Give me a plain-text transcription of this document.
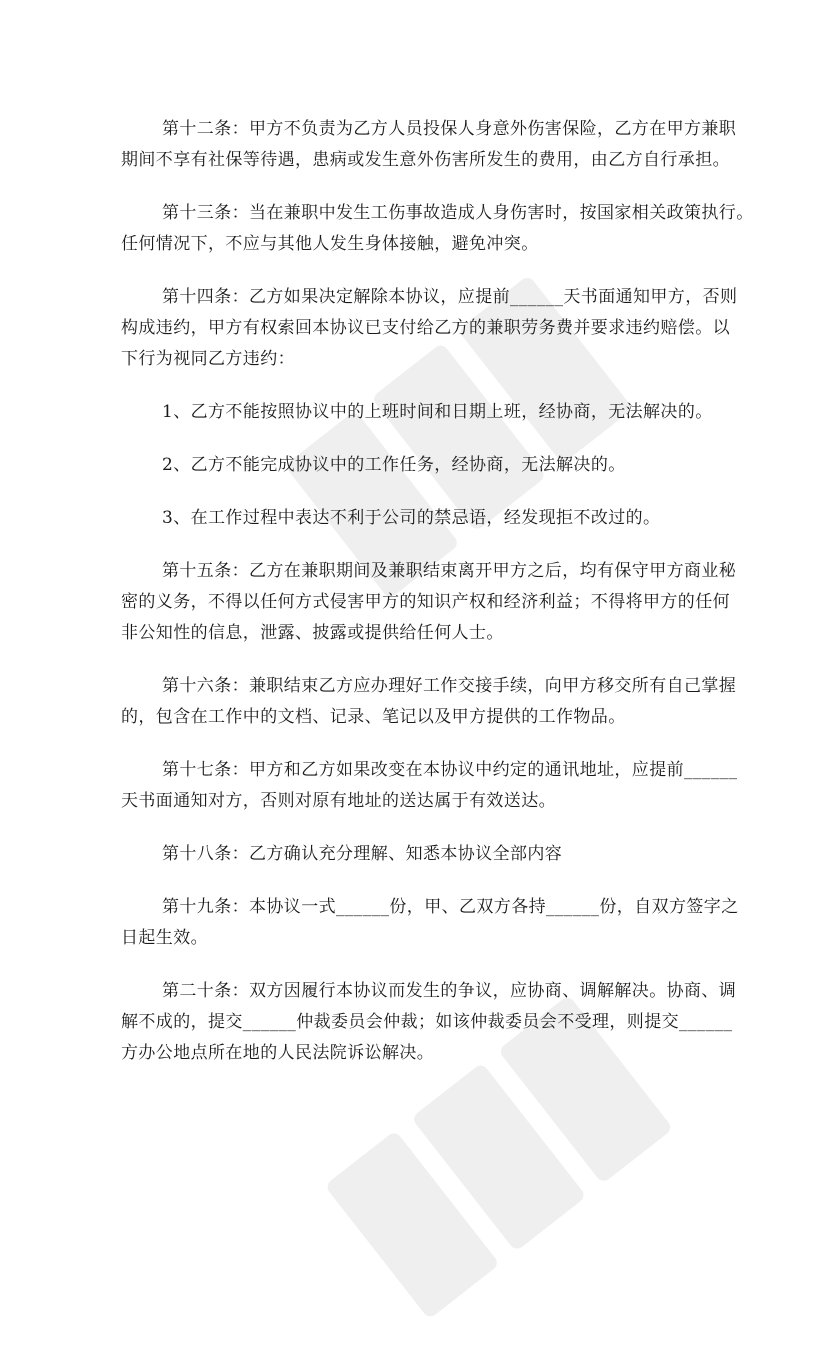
第十二条：甲方不负责为乙方人员投保人身意外伤害保险，乙方在甲方兼职
期间不享有社保等待遇，患病或发生意外伤害所发生的费用，由乙方自行承担。
第十三条：当在兼职中发生工伤事故造成人身伤害时，按国家相关政策执行。
任何情况下，不应与其他人发生身体接触，避免冲突。
第十四条：乙方如果决定解除本协议，应提前______天书面通知甲方，否则
构成违约，甲方有权索回本协议已支付给乙方的兼职劳务费并要求违约赔偿。以
下行为视同乙方违约：
1、乙方不能按照协议中的上班时间和日期上班，经协商，无法解决的。
2、乙方不能完成协议中的工作任务，经协商，无法解决的。
3、在工作过程中表达不利于公司的禁忌语，经发现拒不改过的。
第十五条：乙方在兼职期间及兼职结束离开甲方之后，均有保守甲方商业秘
密的义务，不得以任何方式侵害甲方的知识产权和经济利益；不得将甲方的任何
非公知性的信息，泄露、披露或提供给任何人士。
第十六条：兼职结束乙方应办理好工作交接手续，向甲方移交所有自己掌握
的，包含在工作中的文档、记录、笔记以及甲方提供的工作物品。
第十七条：甲方和乙方如果改变在本协议中约定的通讯地址，应提前______
天书面通知对方，否则对原有地址的送达属于有效送达。
第十八条：乙方确认充分理解、知悉本协议全部内容
第十九条：本协议一式______份，甲、乙双方各持______份，自双方签字之
日起生效。
第二十条：双方因履行本协议而发生的争议，应协商、调解解决。协商、调
解不成的，提交______仲裁委员会仲裁；如该仲裁委员会不受理，则提交______
方办公地点所在地的人民法院诉讼解决。
